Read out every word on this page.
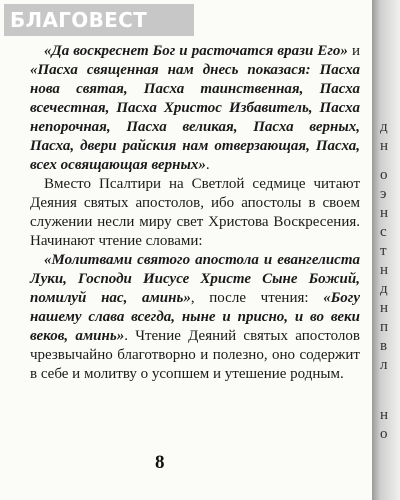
БЛАГОВЕСТ

«Да воскреснет Бог и расточатся врази Его» и «Пасха священная нам днесь показася: Пасха нова святая, Пасха таинственная, Пасха всечестная, Пасха Христос Избавитель, Пасха непорочная, Пасха великая, Пасха верных, Пасха, двери райския нам отверзающая, Пасха, всех освящающая верных».

Вместо Псалтири на Светлой седмице читают Деяния святых апостолов, ибо апостолы в своем служении несли миру свет Христова Воскресения. Начинают чтение словами:

«Молитвами святого апостола и евангелиста Луки, Господи Иисусе Христе Сыне Божий, помилуй нас, аминь», после чтения: «Богу нашему слава всегда, ныне и присно, и во веки веков, аминь». Чтение Деяний святых апостолов чрезвычайно благотворно и полезно, оно содержит в себе и молитву о усопшем и утешение родным.

8
д
н
о
э
н
с
т
н
д
н
п
в
л
н
о
